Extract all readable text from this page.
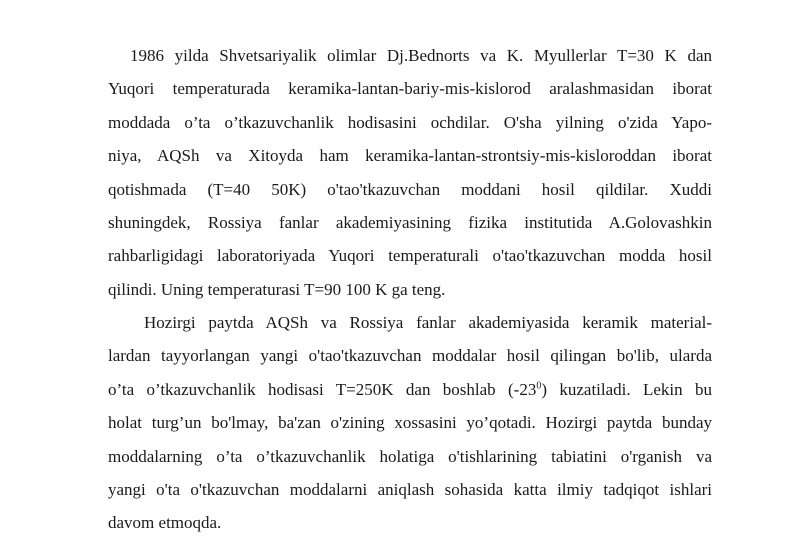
1986 yilda Shvetsariyalik olimlar Dj.Bednorts va K. Myullerlar T=30 K dan
Yuqori temperaturada keramika-lantan-bariy-mis-kislorod aralashmasidan iborat
moddada o’ta o’tkazuvchanlik hodisasini ochdilar. O'sha yilning o'zida Yapo-
niya, AQSh va Xitoyda ham keramika-lantan-strontsiy-mis-kisloroddan iborat
qotishmada (T=40 50K) o'tao'tkazuvchan moddani hosil qildilar. Xuddi
shuningdek, Rossiya fanlar akademiyasining fizika institutida A.Golovashkin
rahbarligidagi laboratoriyada Yuqori temperaturali o'tao'tkazuvchan modda hosil
qilindi. Uning temperaturasi T=90 100 K ga teng.
Hozirgi paytda AQSh va Rossiya fanlar akademiyasida keramik material-
lardan tayyorlangan yangi o'tao'tkazuvchan moddalar hosil qilingan bo'lib, ularda
o’ta o’tkazuvchanlik hodisasi T=250K dan boshlab $(-23^0)$ kuzatiladi. Lekin bu
holat turg’un bo'lmay, ba'zan o'zining xossasini yo’qotadi. Hozirgi paytda bunday
moddalarning o’ta o’tkazuvchanlik holatiga o'tishlarining tabiatini o'rganish va
yangi o'ta o'tkazuvchan moddalarni aniqlash sohasida katta ilmiy tadqiqot ishlari
davom etmoqda.
